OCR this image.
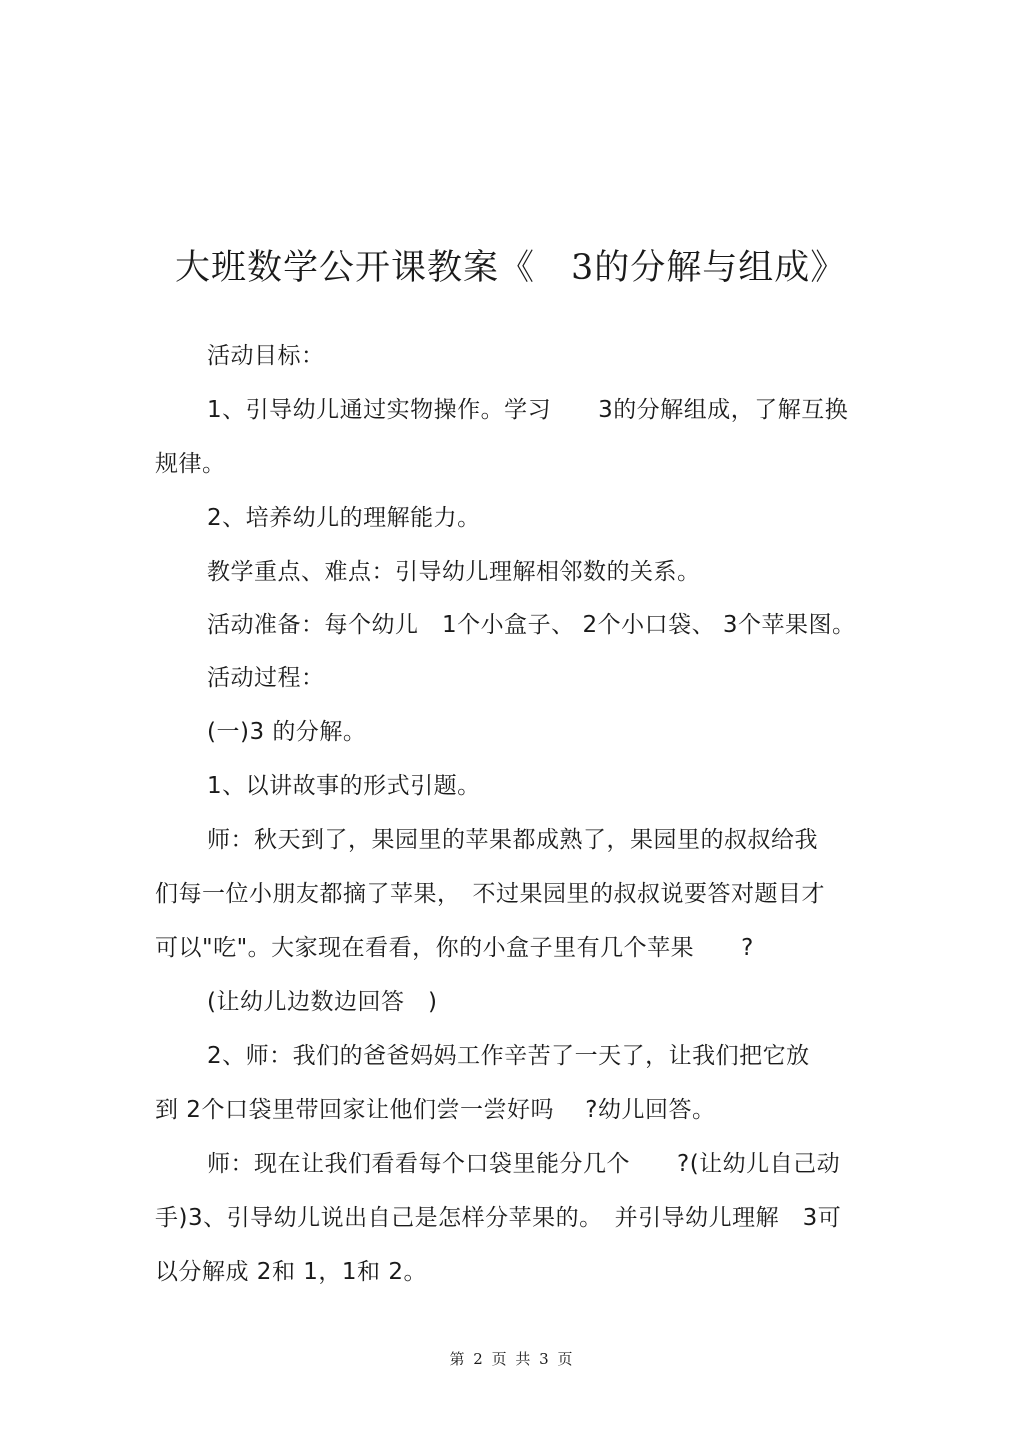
大班数学公开课教案《　3的分解与组成》
活动目标：
1、引导幼儿通过实物操作。学习　　3的分解组成，了解互换
规律。
2、培养幼儿的理解能力。
教学重点、难点：引导幼儿理解相邻数的关系。
活动准备：每个幼儿　1个小盒子、 2个小口袋、 3个苹果图。
活动过程：
(一)3 的分解。
1、以讲故事的形式引题。
师：秋天到了，果园里的苹果都成熟了，果园里的叔叔给我
们每一位小朋友都摘了苹果，　不过果园里的叔叔说要答对题目才
可以"吃"。大家现在看看，你的小盒子里有几个苹果　　?
(让幼儿边数边回答　)
2、师：我们的爸爸妈妈工作辛苦了一天了，让我们把它放
到 2个口袋里带回家让他们尝一尝好吗　 ?幼儿回答。
师：现在让我们看看每个口袋里能分几个　　?(让幼儿自己动
手)3、引导幼儿说出自己是怎样分苹果的。　并引导幼儿理解　3可
以分解成 2和 1，1和 2。
第 2 页 共 3 页
